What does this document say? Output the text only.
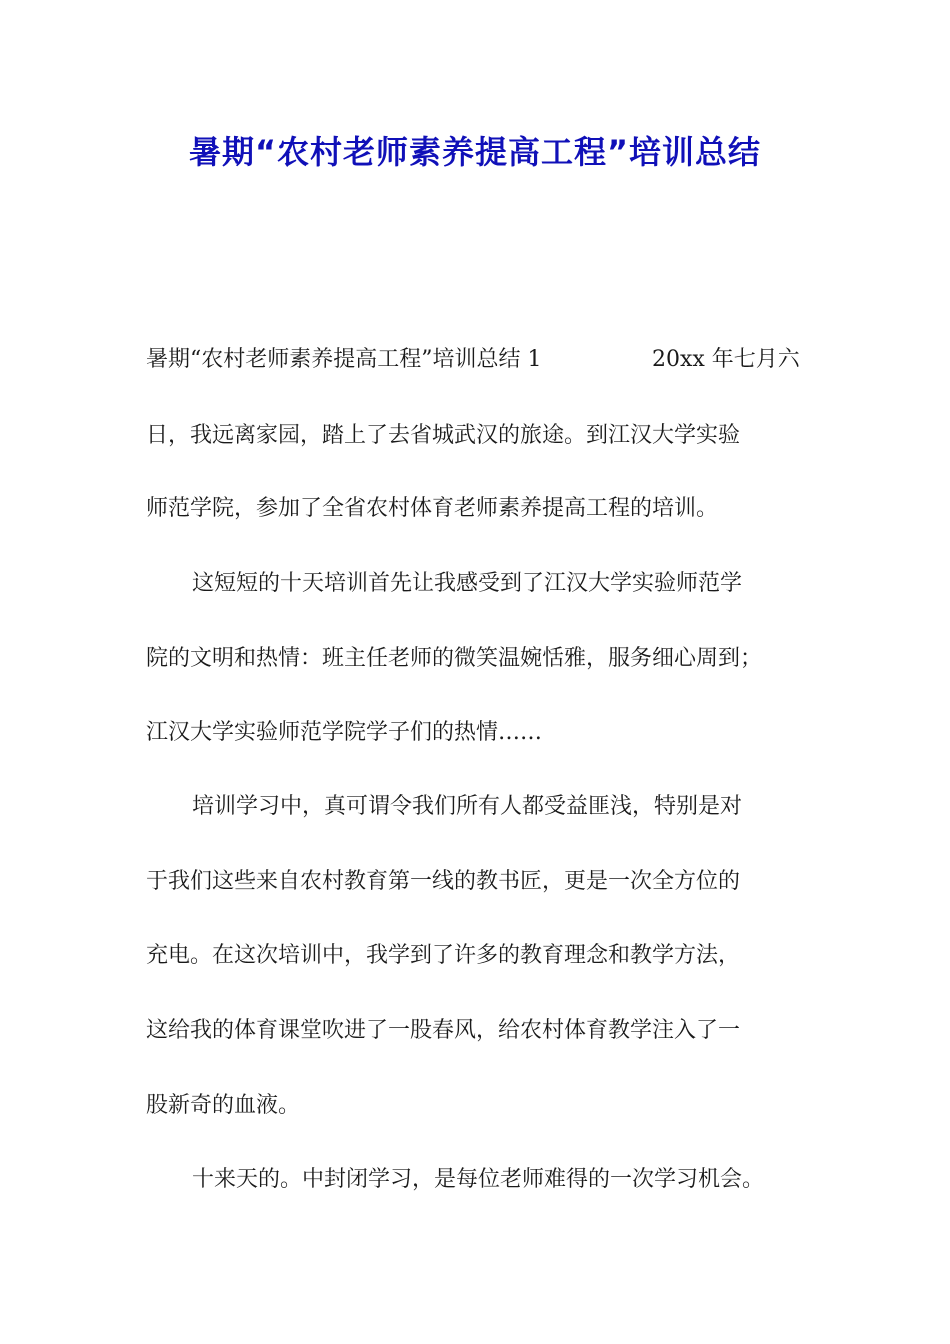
暑期“农村老师素养提高工程”培训总结
暑期“农村老师素养提高工程”培训总结 1	20xx 年七月六
日，我远离家园，踏上了去省城武汉的旅途。到江汉大学实验
师范学院，参加了全省农村体育老师素养提高工程的培训。
这短短的十天培训首先让我感受到了江汉大学实验师范学
院的文明和热情：班主任老师的微笑温婉恬雅，服务细心周到；
江汉大学实验师范学院学子们的热情……
培训学习中，真可谓令我们所有人都受益匪浅，特别是对
于我们这些来自农村教育第一线的教书匠，更是一次全方位的
充电。在这次培训中，我学到了许多的教育理念和教学方法，
这给我的体育课堂吹进了一股春风，给农村体育教学注入了一
股新奇的血液。
十来天的。中封闭学习，是每位老师难得的一次学习机会。
